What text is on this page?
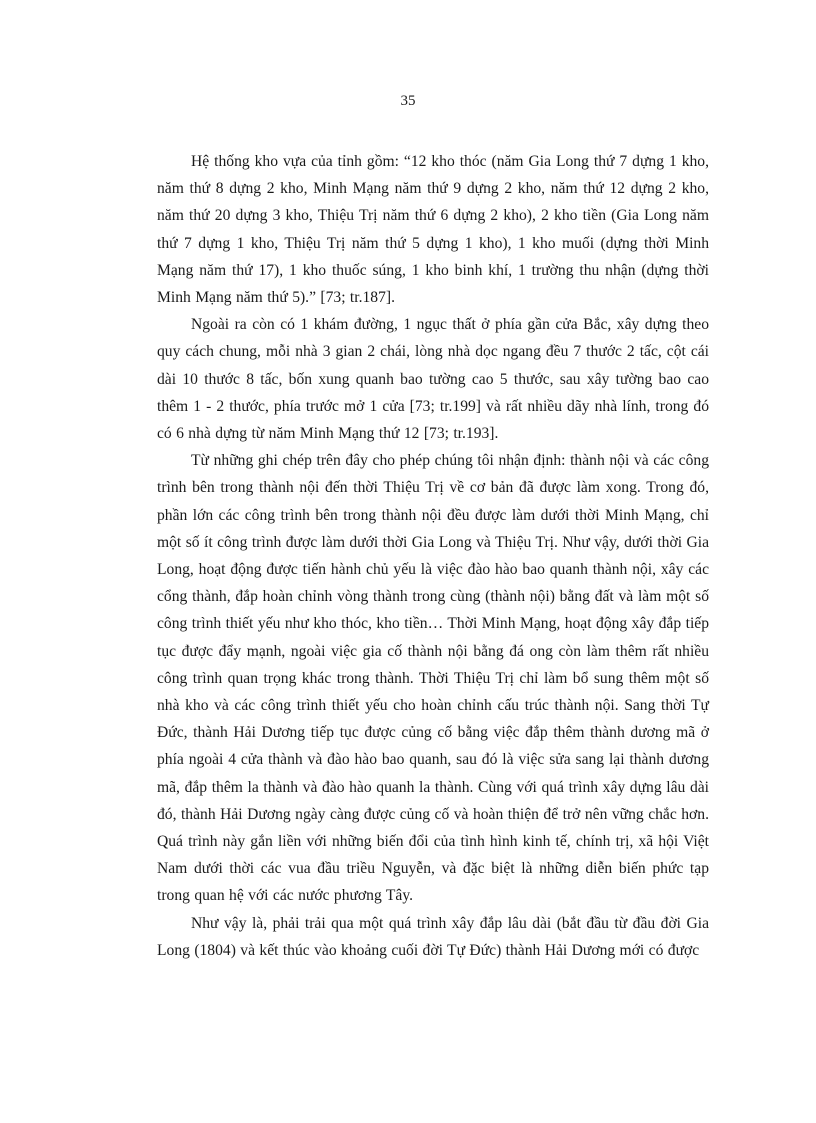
35

Hệ thống kho vựa của tỉnh gồm: “12 kho thóc (năm Gia Long thứ 7 dựng 1 kho, năm thứ 8 dựng 2 kho, Minh Mạng năm thứ 9 dựng 2 kho, năm thứ 12 dựng 2 kho, năm thứ 20 dựng 3 kho, Thiệu Trị năm thứ 6 dựng 2 kho), 2 kho tiền (Gia Long năm thứ 7 dựng 1 kho, Thiệu Trị năm thứ 5 dựng 1 kho), 1 kho muối (dựng thời Minh Mạng năm thứ 17), 1 kho thuốc súng, 1 kho binh khí, 1 trường thu nhận (dựng thời Minh Mạng năm thứ 5).” [73; tr.187].

Ngoài ra còn có 1 khám đường, 1 ngục thất ở phía gần cửa Bắc, xây dựng theo quy cách chung, mỗi nhà 3 gian 2 chái, lòng nhà dọc ngang đều 7 thước 2 tấc, cột cái dài 10 thước 8 tấc, bốn xung quanh bao tường cao 5 thước, sau xây tường bao cao thêm 1 - 2 thước, phía trước mở 1 cửa [73; tr.199] và rất nhiều dãy nhà lính, trong đó có 6 nhà dựng từ năm Minh Mạng thứ 12 [73; tr.193].

Từ những ghi chép trên đây cho phép chúng tôi nhận định: thành nội và các công trình bên trong thành nội đến thời Thiệu Trị về cơ bản đã được làm xong. Trong đó, phần lớn các công trình bên trong thành nội đều được làm dưới thời Minh Mạng, chỉ một số ít công trình được làm dưới thời Gia Long và Thiệu Trị. Như vậy, dưới thời Gia Long, hoạt động được tiến hành chủ yếu là việc đào hào bao quanh thành nội, xây các cổng thành, đắp hoàn chỉnh vòng thành trong cùng (thành nội) bằng đất và làm một số công trình thiết yếu như kho thóc, kho tiền… Thời Minh Mạng, hoạt động xây đắp tiếp tục được đẩy mạnh, ngoài việc gia cố thành nội bằng đá ong còn làm thêm rất nhiều công trình quan trọng khác trong thành. Thời Thiệu Trị chỉ làm bổ sung thêm một số nhà kho và các công trình thiết yếu cho hoàn chỉnh cấu trúc thành nội. Sang thời Tự Đức, thành Hải Dương tiếp tục được củng cố bằng việc đắp thêm thành dương mã ở phía ngoài 4 cửa thành và đào hào bao quanh, sau đó là việc sửa sang lại thành dương mã, đắp thêm la thành và đào hào quanh la thành. Cùng với quá trình xây dựng lâu dài đó, thành Hải Dương ngày càng được củng cố và hoàn thiện để trở nên vững chắc hơn. Quá trình này gắn liền với những biến đổi của tình hình kinh tế, chính trị, xã hội Việt Nam dưới thời các vua đầu triều Nguyễn, và đặc biệt là những diễn biến phức tạp trong quan hệ với các nước phương Tây.

Như vậy là, phải trải qua một quá trình xây đắp lâu dài (bắt đầu từ đầu đời Gia Long (1804) và kết thúc vào khoảng cuối đời Tự Đức) thành Hải Dương mới có được
